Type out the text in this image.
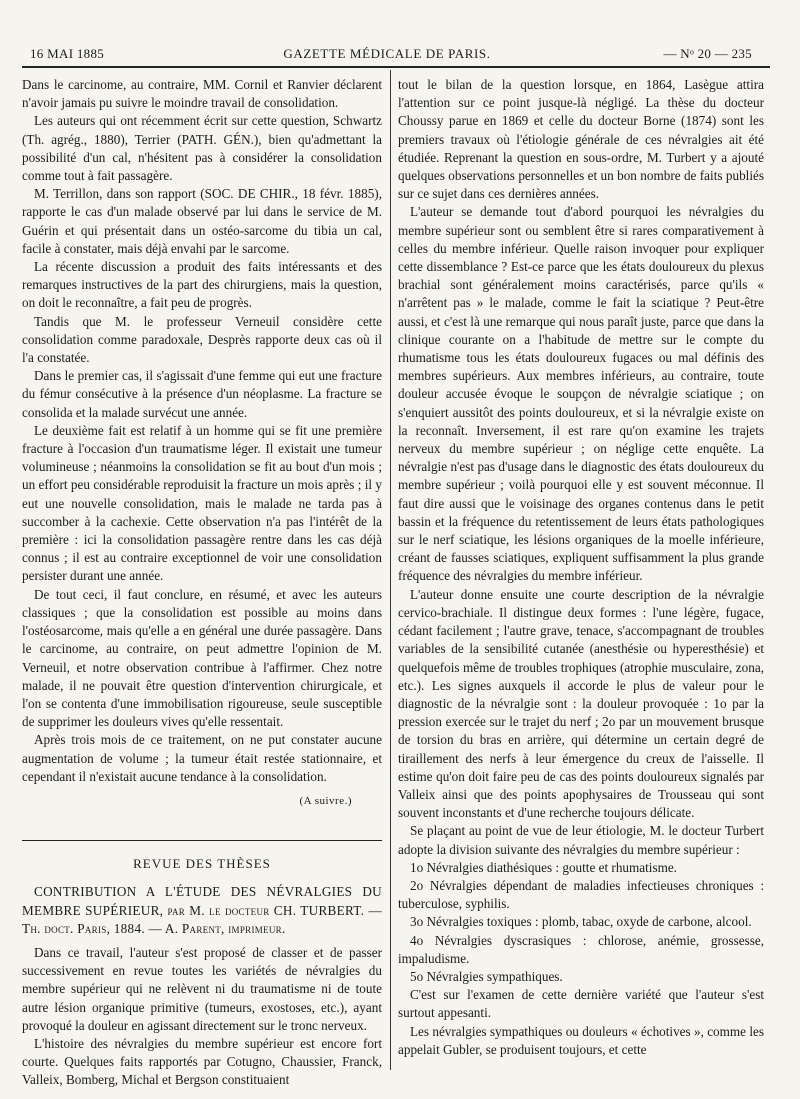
16 MAI 1885	GAZETTE MÉDICALE DE PARIS.	— Nᵒ 20 — 235

Dans le carcinome, au contraire, MM. Cornil et Ranvier déclarent n'avoir jamais pu suivre le moindre travail de consolidation.

Les auteurs qui ont récemment écrit sur cette question, Schwartz (Th. agrég., 1880), Terrier (PATH. GÉN.), bien qu'admettant la possibilité d'un cal, n'hésitent pas à considérer la consolidation comme tout à fait passagère.

M. Terrillon, dans son rapport (SOC. DE CHIR., 18 févr. 1885), rapporte le cas d'un malade observé par lui dans le service de M. Guérin et qui présentait dans un ostéo-sarcome du tibia un cal, facile à constater, mais déjà envahi par le sarcome.

La récente discussion a produit des faits intéressants et des remarques instructives de la part des chirurgiens, mais la question, on doit le reconnaître, a fait peu de progrès.

Tandis que M. le professeur Verneuil considère cette consolidation comme paradoxale, Desprès rapporte deux cas où il l'a constatée.

Dans le premier cas, il s'agissait d'une femme qui eut une fracture du fémur consécutive à la présence d'un néoplasme. La fracture se consolida et la malade survécut une année.

Le deuxième fait est relatif à un homme qui se fit une première fracture à l'occasion d'un traumatisme léger. Il existait une tumeur volumineuse ; néanmoins la consolidation se fit au bout d'un mois ; un effort peu considérable reproduisit la fracture un mois après ; il y eut une nouvelle consolidation, mais le malade ne tarda pas à succomber à la cachexie. Cette observation n'a pas l'intérêt de la première : ici la consolidation passagère rentre dans les cas déjà connus ; il est au contraire exceptionnel de voir une consolidation persister durant une année.

De tout ceci, il faut conclure, en résumé, et avec les auteurs classiques ; que la consolidation est possible au moins dans l'ostéosarcome, mais qu'elle a en général une durée passagère. Dans le carcinome, au contraire, on peut admettre l'opinion de M. Verneuil, et notre observation contribue à l'affirmer. Chez notre malade, il ne pouvait être question d'intervention chirurgicale, et l'on se contenta d'une immobilisation rigoureuse, seule susceptible de supprimer les douleurs vives qu'elle ressentait.

Après trois mois de ce traitement, on ne put constater aucune augmentation de volume ; la tumeur était restée stationnaire, et cependant il n'existait aucune tendance à la consolidation.

(A suivre.)
REVUE DES THÈSES

CONTRIBUTION A L'ÉTUDE DES NÉVRALGIES DU MEMBRE SUPÉRIEUR, par M. le docteur CH. TURBERT. — Th. doct. Paris, 1884. — A. Parent, imprimeur.

Dans ce travail, l'auteur s'est proposé de classer et de passer successivement en revue toutes les variétés de névralgies du membre supérieur qui ne relèvent ni du traumatisme ni de toute autre lésion organique primitive (tumeurs, exostoses, etc.), ayant provoqué la douleur en agissant directement sur le tronc nerveux.

L'histoire des névralgies du membre supérieur est encore fort courte. Quelques faits rapportés par Cotugno, Chaussier, Franck, Valleix, Bomberg, Michal et Bergson constituaient

tout le bilan de la question lorsque, en 1864, Lasègue attira l'attention sur ce point jusque-là négligé. La thèse du docteur Choussy parue en 1869 et celle du docteur Borne (1874) sont les premiers travaux où l'étiologie générale de ces névralgies ait été étudiée. Reprenant la question en sous-ordre, M. Turbert y a ajouté quelques observations personnelles et un bon nombre de faits publiés sur ce sujet dans ces dernières années.

L'auteur se demande tout d'abord pourquoi les névralgies du membre supérieur sont ou semblent être si rares comparativement à celles du membre inférieur. Quelle raison invoquer pour expliquer cette dissemblance ? Est-ce parce que les états douloureux du plexus brachial sont généralement moins caractérisés, parce qu'ils « n'arrêtent pas » le malade, comme le fait la sciatique ? Peut-être aussi, et c'est là une remarque qui nous paraît juste, parce que dans la clinique courante on a l'habitude de mettre sur le compte du rhumatisme tous les états douloureux fugaces ou mal définis des membres supérieurs. Aux membres inférieurs, au contraire, toute douleur accusée évoque le soupçon de névralgie sciatique ; on s'enquiert aussitôt des points douloureux, et si la névralgie existe on la reconnaît. Inversement, il est rare qu'on examine les trajets nerveux du membre supérieur ; on néglige cette enquête. La névralgie n'est pas d'usage dans le diagnostic des états douloureux du membre supérieur ; voilà pourquoi elle y est souvent méconnue. Il faut dire aussi que le voisinage des organes contenus dans le petit bassin et la fréquence du retentissement de leurs états pathologiques sur le nerf sciatique, les lésions organiques de la moelle inférieure, créant de fausses sciatiques, expliquent suffisamment la plus grande fréquence des névralgies du membre inférieur.

L'auteur donne ensuite une courte description de la névralgie cervico-brachiale. Il distingue deux formes : l'une légère, fugace, cédant facilement ; l'autre grave, tenace, s'accompagnant de troubles variables de la sensibilité cutanée (anesthésie ou hyperesthésie) et quelquefois même de troubles trophiques (atrophie musculaire, zona, etc.). Les signes auxquels il accorde le plus de valeur pour le diagnostic de la névralgie sont : la douleur provoquée : 1o par la pression exercée sur le trajet du nerf ; 2o par un mouvement brusque de torsion du bras en arrière, qui détermine un certain degré de tiraillement des nerfs à leur émergence du creux de l'aisselle. Il estime qu'on doit faire peu de cas des points douloureux signalés par Valleix ainsi que des points apophysaires de Trousseau qui sont souvent inconstants et d'une recherche toujours délicate.

Se plaçant au point de vue de leur étiologie, M. le docteur Turbert adopte la division suivante des névralgies du membre supérieur :

1o Névralgies diathésiques : goutte et rhumatisme.

2o Névralgies dépendant de maladies infectieuses chroniques : tuberculose, syphilis.

3o Névralgies toxiques : plomb, tabac, oxyde de carbone, alcool.

4o Névralgies dyscrasiques : chlorose, anémie, grossesse, impaludisme.

5o Névralgies sympathiques.

C'est sur l'examen de cette dernière variété que l'auteur s'est surtout appesanti.

Les névralgies sympathiques ou douleurs « échotives », comme les appelait Gubler, se produisent toujours, et cette
